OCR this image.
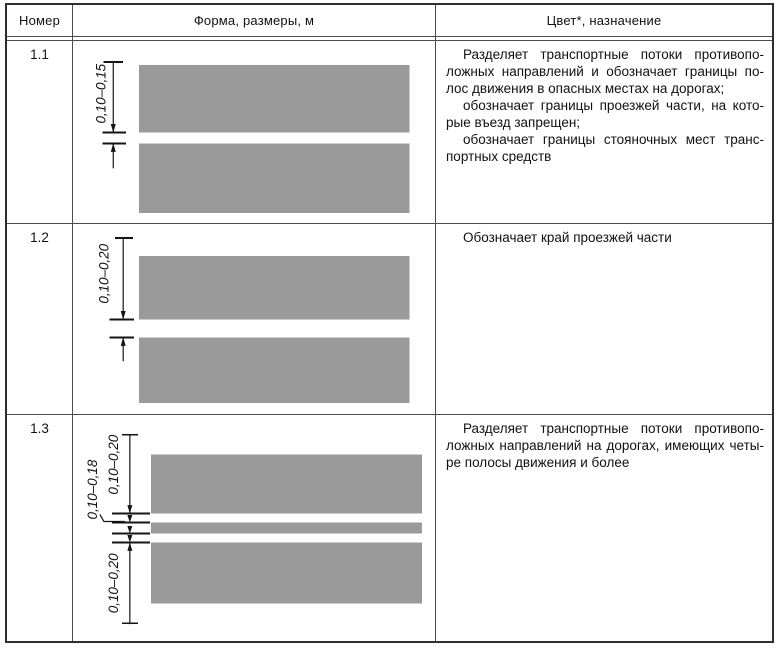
Номер	Форма, размеры, м	Цвет*, назначение
1.1
0,10–0,15
Разделяет транспортные потоки противопо-
ложных направлений и обозначает границы по-
лос движения в опасных местах на дорогах;
обозначает границы проезжей части, на кото-
рые въезд запрещен;
обозначает границы стояночных мест транс-
портных средств
1.2
0,10–0,20
Обозначает край проезжей части
1.3
0,10–0,20
0,10–0,18
0,10–0,20
Разделяет транспортные потоки противопо-
ложных направлений на дорогах, имеющих четы-
ре полосы движения и более
